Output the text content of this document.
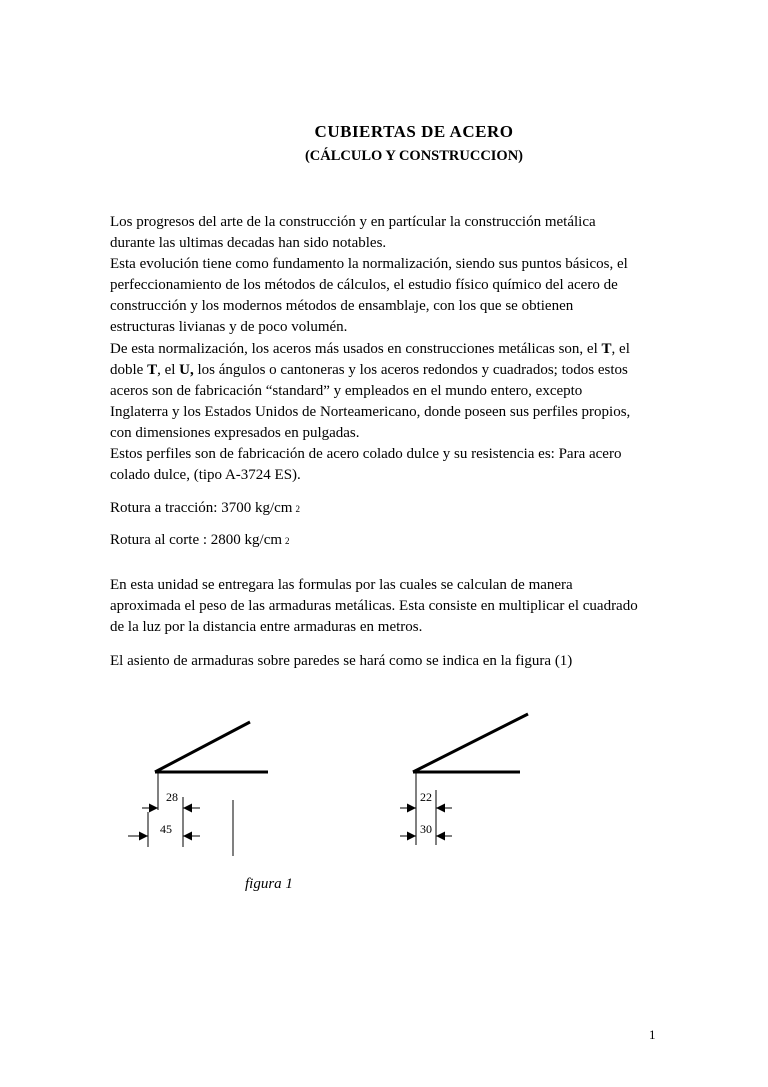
CUBIERTAS DE ACERO
(CÁLCULO Y CONSTRUCCION)

Los progresos del arte de la construcción y en partícular la construcción metálica
durante las ultimas decadas han sido notables.
Esta evolución tiene como fundamento la normalización, siendo sus puntos básicos, el
perfeccionamiento de los métodos de cálculos, el estudio físico químico del acero de
construcción y los modernos métodos de ensamblaje, con los que se obtienen
estructuras livianas y de poco volumén.

De esta normalización, los aceros más usados en construcciones metálicas son, el T, el
doble T, el U, los ángulos o cantoneras y los aceros redondos y cuadrados; todos estos
aceros son de fabricación “standard” y empleados en el mundo entero, excepto
Inglaterra y los Estados Unidos de Norteamericano, donde poseen sus perfiles propios,
con dimensiones expresados en pulgadas.

Estos perfiles son de fabricación de acero colado dulce y su resistencia es: Para acero
colado dulce, (tipo A-3724 ES).

Rotura a tracción: 3700 kg/cm 2

Rotura al corte : 2800 kg/cm 2

En esta unidad se entregara las formulas por las cuales se calculan de manera
aproximada el peso de las armaduras metálicas. Esta consiste en multiplicar el cuadrado
de la luz por la distancia entre armaduras en metros.

El asiento de armaduras sobre paredes se hará como se indica en la figura (1)

28
45
22
30
figura 1
1
